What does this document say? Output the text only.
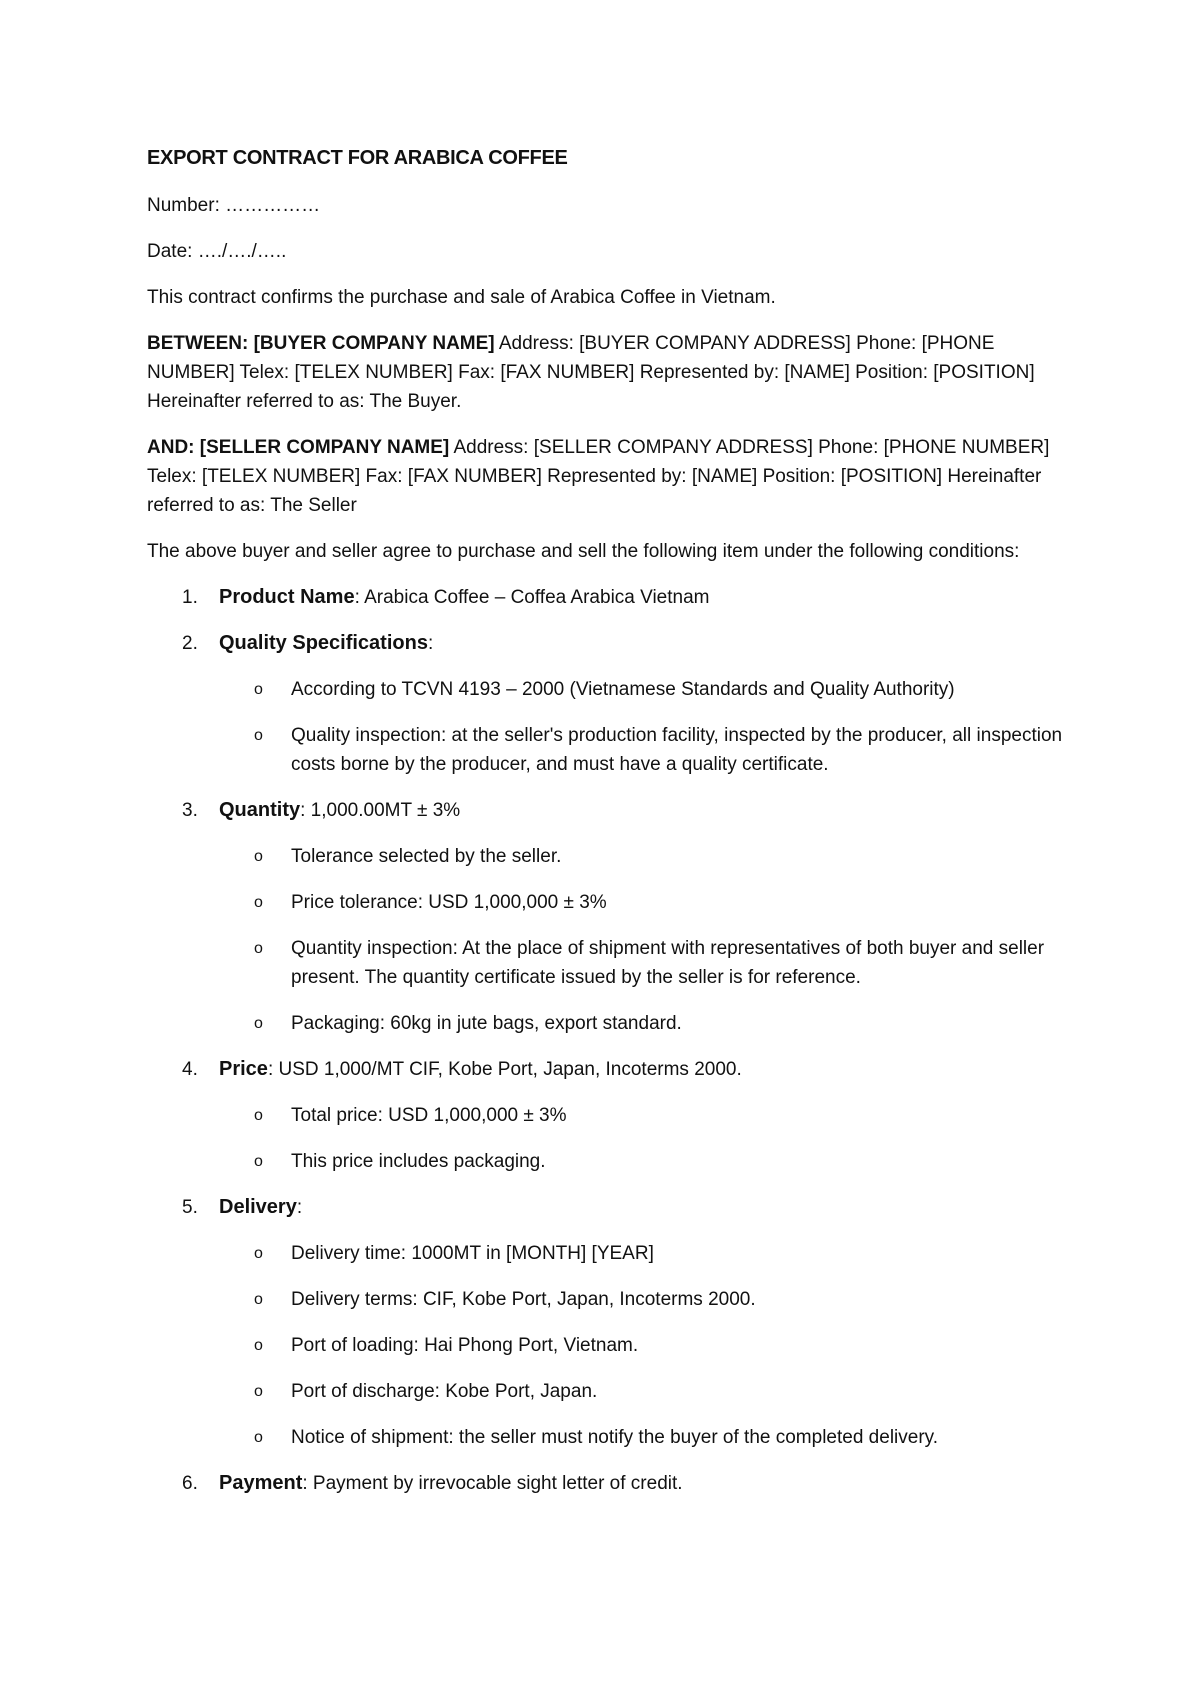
EXPORT CONTRACT FOR ARABICA COFFEE

Number: ……………

Date: …./…./…..

This contract confirms the purchase and sale of Arabica Coffee in Vietnam.

BETWEEN: [BUYER COMPANY NAME] Address: [BUYER COMPANY ADDRESS] Phone: [PHONE NUMBER] Telex: [TELEX NUMBER] Fax: [FAX NUMBER] Represented by: [NAME] Position: [POSITION] Hereinafter referred to as: The Buyer.

AND: [SELLER COMPANY NAME] Address: [SELLER COMPANY ADDRESS] Phone: [PHONE NUMBER] Telex: [TELEX NUMBER] Fax: [FAX NUMBER] Represented by: [NAME] Position: [POSITION] Hereinafter referred to as: The Seller

The above buyer and seller agree to purchase and sell the following item under the following conditions:

1. Product Name: Arabica Coffee – Coffea Arabica Vietnam
2. Quality Specifications:
o According to TCVN 4193 – 2000 (Vietnamese Standards and Quality Authority)
o Quality inspection: at the seller's production facility, inspected by the producer, all inspection costs borne by the producer, and must have a quality certificate.
3. Quantity: 1,000.00MT ± 3%
o Tolerance selected by the seller.
o Price tolerance: USD 1,000,000 ± 3%
o Quantity inspection: At the place of shipment with representatives of both buyer and seller present. The quantity certificate issued by the seller is for reference.
o Packaging: 60kg in jute bags, export standard.
4. Price: USD 1,000/MT CIF, Kobe Port, Japan, Incoterms 2000.
o Total price: USD 1,000,000 ± 3%
o This price includes packaging.
5. Delivery:
o Delivery time: 1000MT in [MONTH] [YEAR]
o Delivery terms: CIF, Kobe Port, Japan, Incoterms 2000.
o Port of loading: Hai Phong Port, Vietnam.
o Port of discharge: Kobe Port, Japan.
o Notice of shipment: the seller must notify the buyer of the completed delivery.
6. Payment: Payment by irrevocable sight letter of credit.
